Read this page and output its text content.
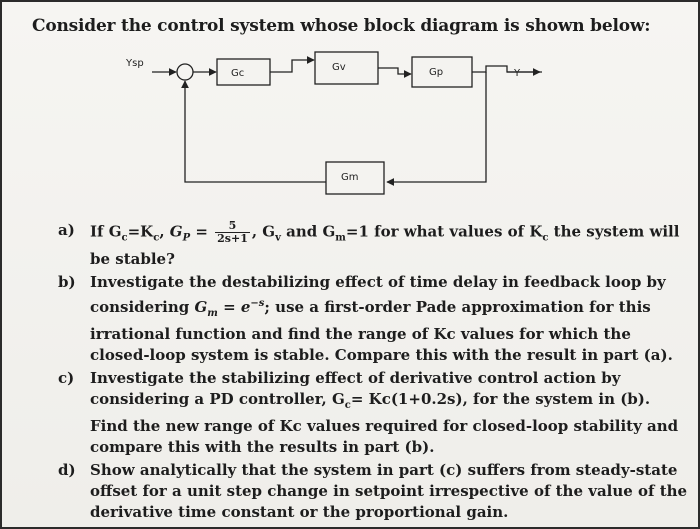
Consider the control system whose block diagram is shown below:
Ysp
Gc
Gv	Gp	Y
Gm
a) If $G_c=K_c$, $G_P = \frac{5}{2s+1}$ , $G_v$ and $G_m=1$ for what values of $K_c$ the system will be stable?
b) Investigate the destabilizing effect of time delay in feedback loop by considering $G_m = e^{-s}$; use a first-order Pade approximation for this irrational function and find the range of Kc values for which the closed-loop system is stable. Compare this with the result in part (a).
c) Investigate the stabilizing effect of derivative control action by considering a PD controller, $G_c= Kc(1+0.2s)$, for the system in (b). Find the new range of Kc values required for closed-loop stability and compare this with the results in part (b).
d) Show analytically that the system in part (c) suffers from steady-state offset for a unit step change in setpoint irrespective of the value of the derivative time constant or the proportional gain.
